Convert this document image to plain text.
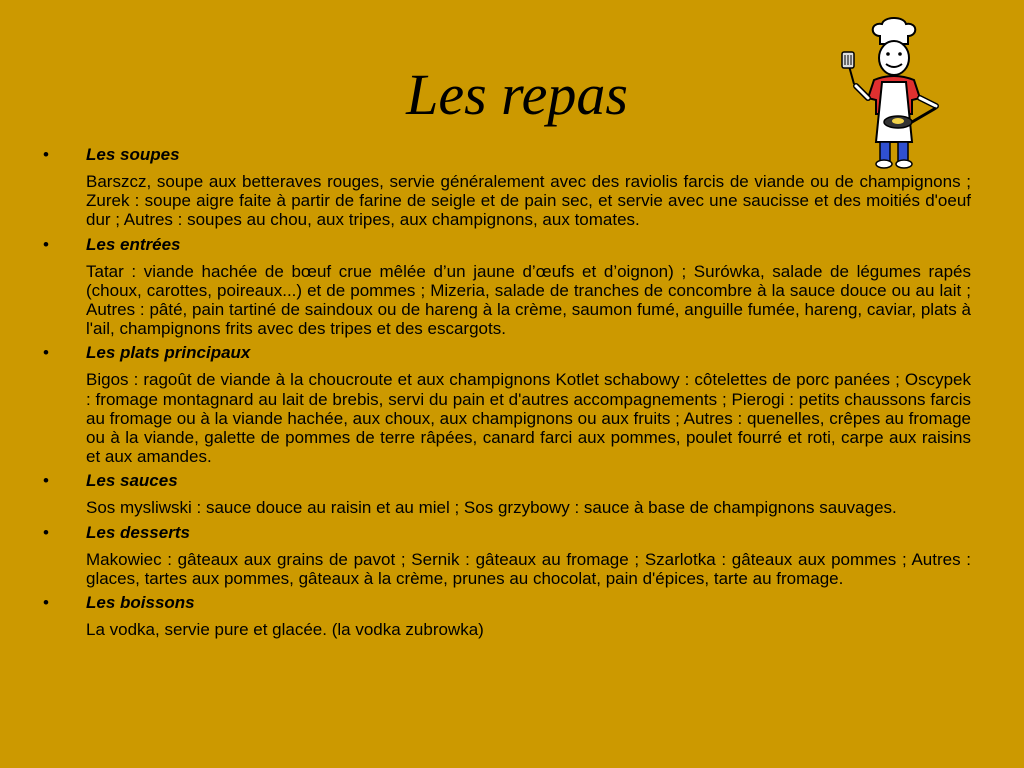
Les repas
•	Les soupes

Barszcz, soupe aux betteraves rouges, servie généralement avec des raviolis farcis de viande ou de champignons ; Zurek : soupe aigre faite à partir de farine de seigle et de pain sec, et servie avec une saucisse et des moitiés d'oeuf dur ; Autres : soupes au chou, aux tripes, aux champignons, aux tomates.

•	Les entrées

Tatar : viande hachée de bœuf crue mêlée d’un jaune d’œufs et d’oignon) ; Surówka, salade de légumes rapés (choux, carottes, poireaux...) et de pommes ; Mizeria, salade de tranches de concombre à la sauce douce ou au lait ; Autres : pâté, pain tartiné de saindoux ou de hareng à la crème, saumon fumé, anguille fumée, hareng, caviar, plats à l'ail, champignons frits avec des tripes et des escargots.

•	Les plats principaux

Bigos : ragoût de viande à la choucroute et aux champignons Kotlet schabowy : côtelettes de porc panées ; Oscypek : fromage montagnard au lait de brebis, servi du pain et d'autres accompagnements ; Pierogi : petits chaussons farcis au fromage ou à la viande hachée, aux choux, aux champignons ou aux fruits ; Autres : quenelles, crêpes au fromage ou à la viande, galette de pommes de terre râpées, canard farci aux pommes, poulet fourré et roti, carpe aux raisins et aux amandes.

•	Les sauces

Sos mysliwski : sauce douce au raisin et au miel ; Sos grzybowy : sauce à base de champignons sauvages.

•	Les desserts

Makowiec : gâteaux aux grains de pavot ; Sernik : gâteaux au fromage ; Szarlotka : gâteaux aux pommes ; Autres : glaces, tartes aux pommes, gâteaux à la crème, prunes au chocolat, pain d'épices, tarte au fromage.

•	Les boissons

La vodka, servie pure et glacée. (la vodka zubrowka)
